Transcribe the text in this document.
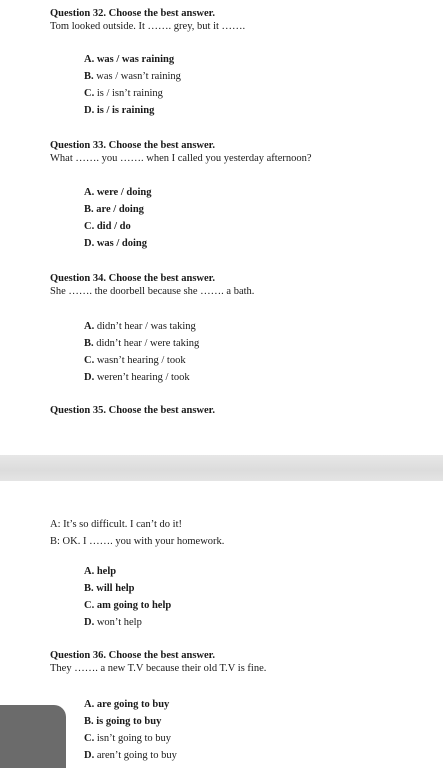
Question 32. Choose the best answer.
Tom looked outside. It ……. grey, but it …….
A. was / was raining
B. was / wasn’t raining
C. is / isn’t raining
D. is / is raining
Question 33. Choose the best answer.
What ……. you ……. when I called you yesterday afternoon?
A. were / doing
B. are / doing
C. did / do
D. was / doing
Question 34. Choose the best answer.
She ……. the doorbell because she ……. a bath.
A. didn’t hear / was taking
B. didn’t hear / were taking
C. wasn’t hearing / took
D. weren’t hearing / took
Question 35. Choose the best answer.
A: It’s so difficult. I can’t do it!
B: OK. I ……. you with your homework.
A. help
B. will help
C. am going to help
D. won’t help
Question 36. Choose the best answer.
They ……. a new T.V because their old T.V is fine.
A. are going to buy
B. is going to buy
C. isn’t going to buy
D. aren’t going to buy
